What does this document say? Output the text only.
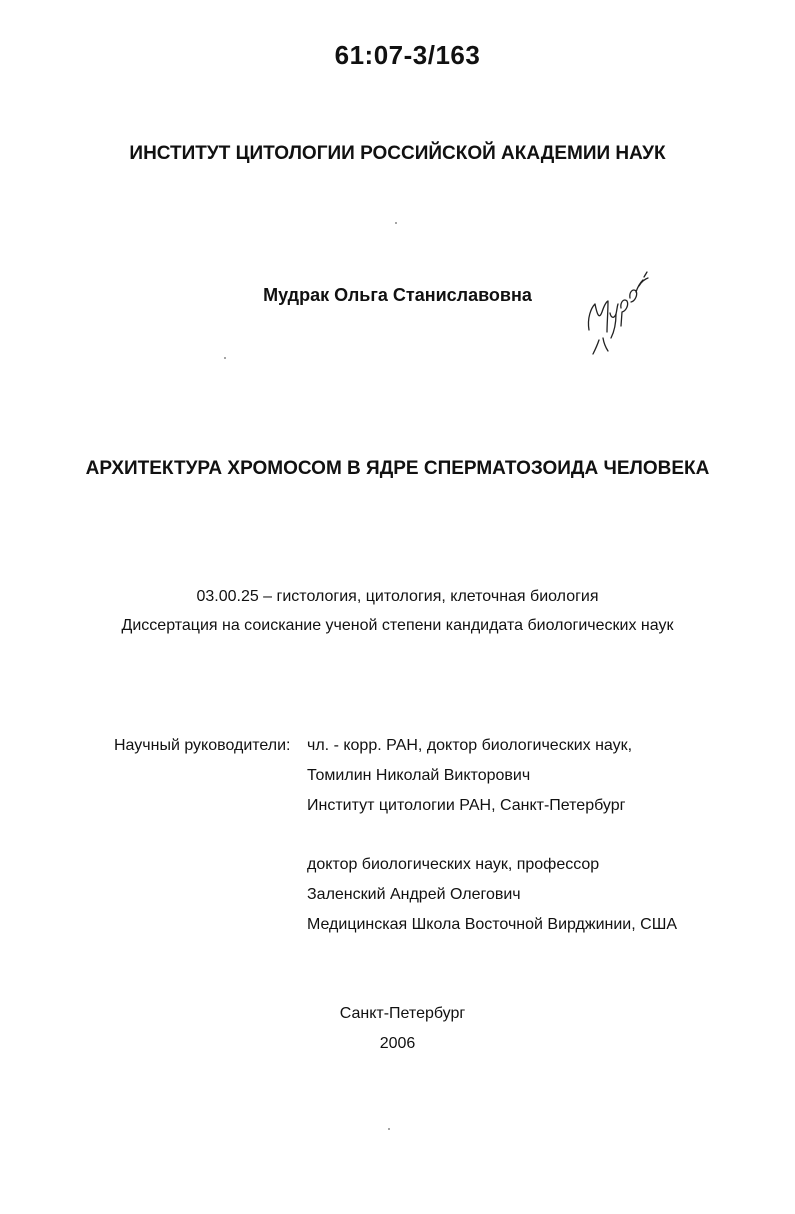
61:07-3/163
ИНСТИТУТ ЦИТОЛОГИИ РОССИЙСКОЙ АКАДЕМИИ НАУК
Мудрак Ольга Станиславовна
АРХИТЕКТУРА ХРОМОСОМ В ЯДРЕ СПЕРМАТОЗОИДА ЧЕЛОВЕКА
03.00.25 – гистология, цитология, клеточная биология
Диссертация на соискание ученой степени кандидата биологических наук
Научный руководители: чл. - корр. РАН, доктор биологических наук,
Томилин Николай Викторович
Институт цитологии РАН, Санкт-Петербург
доктор биологических наук, профессор
Заленский Андрей Олегович
Медицинская Школа Восточной Вирджинии, США
Санкт-Петербург
2006
